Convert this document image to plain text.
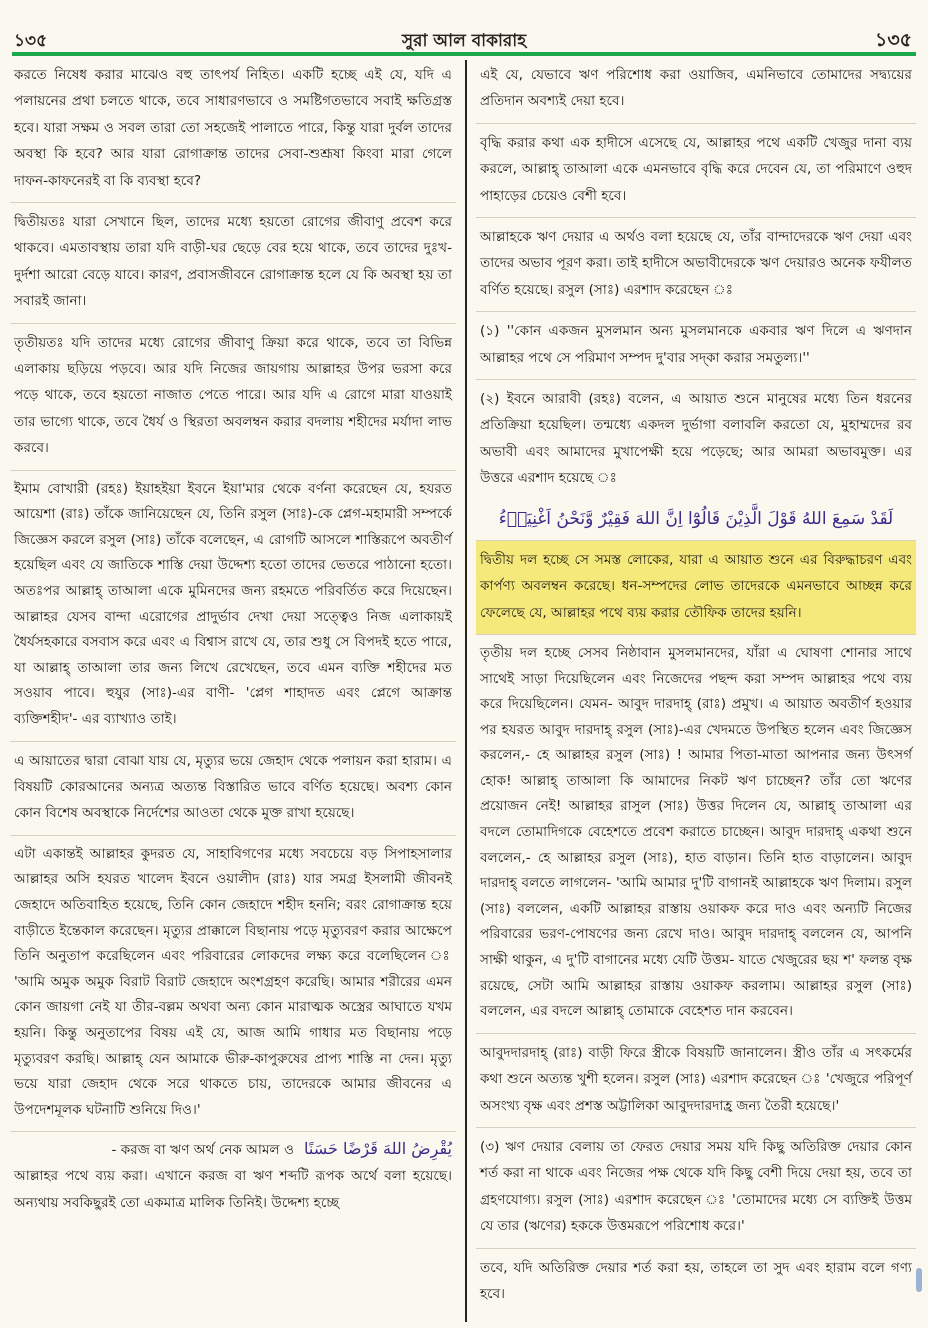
১৩৫	সুরা আল বাকারাহ	১৩৫

করতে নিষেধ করার মাঝেও বহু তাৎপর্য নিহিত। একটি হচ্ছে এই যে, যদি এ পলায়নের প্রথা চলতে থাকে, তবে সাধারণভাবে ও সমষ্টিগতভাবে সবাই ক্ষতিগ্রস্ত হবে। যারা সক্ষম ও সবল তারা তো সহজেই পালাতে পারে, কিন্তু যারা দুর্বল তাদের অবস্থা কি হবে? আর যারা রোগাক্রান্ত তাদের সেবা-শুশ্রূষা কিংবা মারা গেলে দাফন-কাফনেরই বা কি ব্যবস্থা হবে?

দ্বিতীয়তঃ যারা সেখানে ছিল, তাদের মধ্যে হয়তো রোগের জীবাণু প্রবেশ করে থাকবে। এমতাবস্থায় তারা যদি বাড়ী-ঘর ছেড়ে বের হয়ে থাকে, তবে তাদের দুঃখ-দুর্দশা আরো বেড়ে যাবে। কারণ, প্রবাসজীবনে রোগাক্রান্ত হলে যে কি অবস্থা হয় তা সবারই জানা।

তৃতীয়তঃ যদি তাদের মধ্যে রোগের জীবাণু ক্রিয়া করে থাকে, তবে তা বিভিন্ন এলাকায় ছড়িয়ে পড়বে। আর যদি নিজের জায়গায় আল্লাহর উপর ভরসা করে পড়ে থাকে, তবে হয়তো নাজাত পেতে পারে। আর যদি এ রোগে মারা যাওয়াই তার ভাগ্যে থাকে, তবে ধৈর্য ও স্থিরতা অবলম্বন করার বদলায় শহীদের মর্যাদা লাভ করবে।

ইমাম বোখারী (রহঃ) ইয়াহইয়া ইবনে ইয়া'মার থেকে বর্ণনা করেছেন যে, হযরত আয়েশা (রাঃ) তাঁকে জানিয়েছেন যে, তিনি রসুল (সাঃ)-কে প্লেগ-মহামারী সম্পর্কে জিজ্ঞেস করলে রসুল (সাঃ) তাঁকে বলেছেন, এ রোগটি আসলে শাস্তিরূপে অবতীর্ণ হয়েছিল এবং যে জাতিকে শাস্তি দেয়া উদ্দেশ্য হতো তাদের ভেতরে পাঠানো হতো। অতঃপর আল্লাহ্ তাআলা একে মুমিনদের জন্য রহমতে পরিবর্তিত করে দিয়েছেন। আল্লাহর যেসব বান্দা এরোগের প্রাদুর্ভাব দেখা দেয়া সত্ত্বেও নিজ এলাকায়ই ধৈর্যসহকারে বসবাস করে এবং এ বিশ্বাস রাখে যে, তার শুধু সে বিপদই হতে পারে, যা আল্লাহ্ তাআলা তার জন্য লিখে রেখেছেন, তবে এমন ব্যক্তি শহীদের মত সওয়াব পাবে। হুযুর (সাঃ)-এর বাণী- 'প্লেগ শাহাদত এবং প্লেগে আক্রান্ত ব্যক্তিশহীদ'- এর ব্যাখ্যাও তাই।

এ আয়াতের দ্বারা বোঝা যায় যে, মৃত্যুর ভয়ে জেহাদ থেকে পলায়ন করা হারাম। এ বিষয়টি কোরআনের অন্যত্র অত্যন্ত বিস্তারিত ভাবে বর্ণিত হয়েছে। অবশ্য কোন কোন বিশেষ অবস্থাকে নির্দেশের আওতা থেকে মুক্ত রাখা হয়েছে।

এটা একান্তই আল্লাহর কুদরত যে, সাহাবিগণের মধ্যে সবচেয়ে বড় সিপাহসালার আল্লাহর অসি হযরত খালেদ ইবনে ওয়ালীদ (রাঃ) যার সমগ্র ইসলামী জীবনই জেহাদে অতিবাহিত হয়েছে, তিনি কোন জেহাদে শহীদ হননি; বরং রোগাক্রান্ত হয়ে বাড়ীতে ইন্তেকাল করেছেন। মৃত্যুর প্রাক্কালে বিছানায় পড়ে মৃত্যুবরণ করার আক্ষেপে তিনি অনুতাপ করেছিলেন এবং পরিবারের লোকদের লক্ষ্য করে বলেছিলেন ঃ 'আমি অমুক অমুক বিরাট বিরাট জেহাদে অংশগ্রহণ করেছি। আমার শরীরের এমন কোন জায়গা নেই যা তীর-বল্লম অথবা অন্য কোন মারাত্মক অস্ত্রের আঘাতে যখম হয়নি। কিন্তু অনুতাপের বিষয় এই যে, আজ আমি গাধার মত বিছানায় পড়ে মৃত্যুবরণ করছি। আল্লাহ্ যেন আমাকে ভীরু-কাপুরুষের প্রাপ্য শাস্তি না দেন। মৃত্যু ভয়ে যারা জেহাদ থেকে সরে থাকতে চায়, তাদেরকে আমার জীবনের এ উপদেশমূলক ঘটনাটি শুনিয়ে দিও।'

- করজ বা ঋণ অর্থ নেক আমল ও يُقْرِضُ اللهَ قَرْضًا حَسَنًا

আল্লাহর পথে ব্যয় করা। এখানে করজ বা ঋণ শব্দটি রূপক অর্থে বলা হয়েছে। অন্যথায় সবকিছুরই তো একমাত্র মালিক তিনিই। উদ্দেশ্য হচ্ছে

এই যে, যেভাবে ঋণ পরিশোধ করা ওয়াজিব, এমনিভাবে তোমাদের সদ্ব্যয়ের প্রতিদান অবশ্যই দেয়া হবে।

বৃদ্ধি করার কথা এক হাদীসে এসেছে যে, আল্লাহর পথে একটি খেজুর দানা ব্যয় করলে, আল্লাহ্ তাআলা একে এমনভাবে বৃদ্ধি করে দেবেন যে, তা পরিমাণে ওহুদ পাহাড়ের চেয়েও বেশী হবে।

আল্লাহকে ঋণ দেয়ার এ অর্থও বলা হয়েছে যে, তাঁর বান্দাদেরকে ঋণ দেয়া এবং তাদের অভাব পূরণ করা। তাই হাদীসে অভাবীদেরকে ঋণ দেয়ারও অনেক ফযীলত বর্ণিত হয়েছে। রসুল (সাঃ) এরশাদ করেছেন ঃ

(১) ''কোন একজন মুসলমান অন্য মুসলমানকে একবার ঋণ দিলে এ ঋণদান আল্লাহর পথে সে পরিমাণ সম্পদ দু'বার সদ্কা করার সমতুল্য।''

(২) ইবনে আরাবী (রহঃ) বলেন, এ আয়াত শুনে মানুষের মধ্যে তিন ধরনের প্রতিক্রিয়া হয়েছিল। তন্মধ্যে একদল দুর্ভাগা বলাবলি করতো যে, মুহাম্মদের রব অভাবী এবং আমাদের মুখাপেক্ষী হয়ে পড়েছে; আর আমরা অভাবমুক্ত। এর উত্তরে এরশাদ হয়েছে ঃ

لَقَدْ سَمِعَ اللهُ قَوْلَ الَّذِيْنَ قَالُوْٓا اِنَّ اللهَ فَقِيْرٌ وَّنَحْنُ اَغْنِيَاۗءُ

দ্বিতীয় দল হচ্ছে সে সমস্ত লোকের, যারা এ আয়াত শুনে এর বিরুদ্ধাচরণ এবং কার্পণ্য অবলম্বন করেছে। ধন-সম্পদের লোভ তাদেরকে এমনভাবে আচ্ছন্ন করে ফেলেছে যে, আল্লাহর পথে ব্যয় করার তৌফিক তাদের হয়নি।

তৃতীয় দল হচ্ছে সেসব নিষ্ঠাবান মুসলমানদের, যাঁরা এ ঘোষণা শোনার সাথে সাথেই সাড়া দিয়েছিলেন এবং নিজেদের পছন্দ করা সম্পদ আল্লাহর পথে ব্যয় করে দিয়েছিলেন। যেমন- আবুদ দারদাহ্ (রাঃ) প্রমুখ। এ আয়াত অবতীর্ণ হওয়ার পর হযরত আবুদ দারদাহ্ রসুল (সাঃ)-এর খেদমতে উপস্থিত হলেন এবং জিজ্ঞেস করলেন,- হে আল্লাহর রসুল (সাঃ) ! আমার পিতা-মাতা আপনার জন্য উৎসর্গ হোক! আল্লাহ্ তাআলা কি আমাদের নিকট ঋণ চাচ্ছেন? তাঁর তো ঋণের প্রয়োজন নেই! আল্লাহর রাসুল (সাঃ) উত্তর দিলেন যে, আল্লাহ্ তাআলা এর বদলে তোমাদিগকে বেহেশতে প্রবেশ করাতে চাচ্ছেন। আবুদ দারদাহ্ একথা শুনে বললেন,- হে আল্লাহর রসুল (সাঃ), হাত বাড়ান। তিনি হাত বাড়ালেন। আবুদ দারদাহ্ বলতে লাগলেন- 'আমি আমার দু'টি বাগানই আল্লাহকে ঋণ দিলাম। রসুল (সাঃ) বললেন, একটি আল্লাহর রাস্তায় ওয়াকফ করে দাও এবং অন্যটি নিজের পরিবারের ভরণ-পোষণের জন্য রেখে দাও। আবুদ দারদাহ্ বললেন যে, আপনি সাক্ষী থাকুন, এ দু'টি বাগানের মধ্যে যেটি উত্তম- যাতে খেজুরের ছয় শ' ফলন্ত বৃক্ষ রয়েছে, সেটা আমি আল্লাহর রাস্তায় ওয়াকফ করলাম। আল্লাহর রসুল (সাঃ) বললেন, এর বদলে আল্লাহ্ তোমাকে বেহেশত দান করবেন।

আবুদদারদাহ্ (রাঃ) বাড়ী ফিরে স্ত্রীকে বিষয়টি জানালেন। স্ত্রীও তাঁর এ সৎকর্মের কথা শুনে অত্যন্ত খুশী হলেন। রসুল (সাঃ) এরশাদ করেছেন ঃ 'খেজুরে পরিপূর্ণ অসংখ্য বৃক্ষ এবং প্রশস্ত অট্টালিকা আবুদদারদাহ্র জন্য তৈরী হয়েছে।'

(৩) ঋণ দেয়ার বেলায় তা ফেরত দেয়ার সময় যদি কিছু অতিরিক্ত দেয়ার কোন শর্ত করা না থাকে এবং নিজের পক্ষ থেকে যদি কিছু বেশী দিয়ে দেয়া হয়, তবে তা গ্রহণযোগ্য। রসুল (সাঃ) এরশাদ করেছেন ঃ 'তোমাদের মধ্যে সে ব্যক্তিই উত্তম যে তার (ঋণের) হককে উত্তমরূপে পরিশোধ করে।'

তবে, যদি অতিরিক্ত দেয়ার শর্ত করা হয়, তাহলে তা সুদ এবং হারাম বলে গণ্য হবে।
